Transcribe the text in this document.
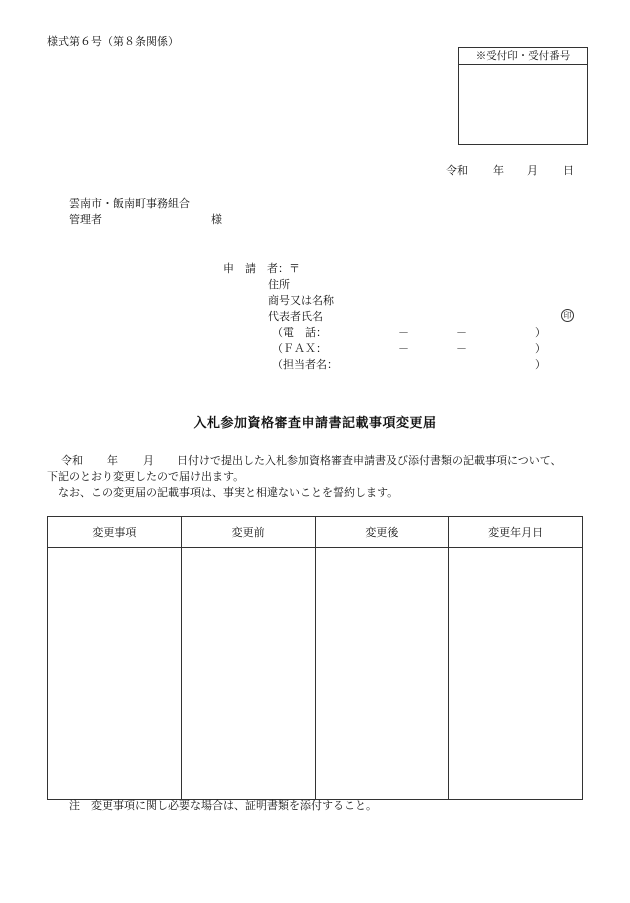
様式第６号（第８条関係）
※受付印・受付番号
令和 年 月 日
雲南市・飯南町事務組合
管理者	様
申　請　者：〒
住所
商号又は名称
代表者氏名	印
（電　話：	－	－	）
（ＦＡＸ：	－	－	）
（担当者名：	）
入札参加資格審査申請書記載事項変更届
令和 年 月 日付けで提出した入札参加資格審査申請書及び添付書類の記載事項について、
下記のとおり変更したので届け出ます。
なお、この変更届の記載事項は、事実と相違ないことを誓約します。
変更事項	変更前	変更後	変更年月日

注　変更事項に関し必要な場合は、証明書類を添付すること。
